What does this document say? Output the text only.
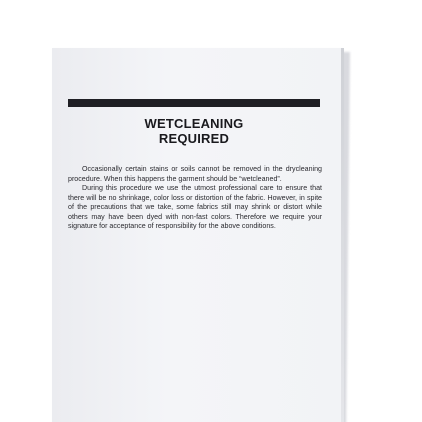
WETCLEANING
REQUIRED

Occasionally certain stains or soils cannot be removed in the drycleaning procedure. When this happens the garment should be “wetcleaned”.

During this procedure we use the utmost professional care to ensure that there will be no shrinkage, color loss or distortion of the fabric. However, in spite of the precautions that we take, some fabrics still may shrink or distort while others may have been dyed with non-fast colors. Therefore we require your signature for acceptance of responsibility for the above conditions.
